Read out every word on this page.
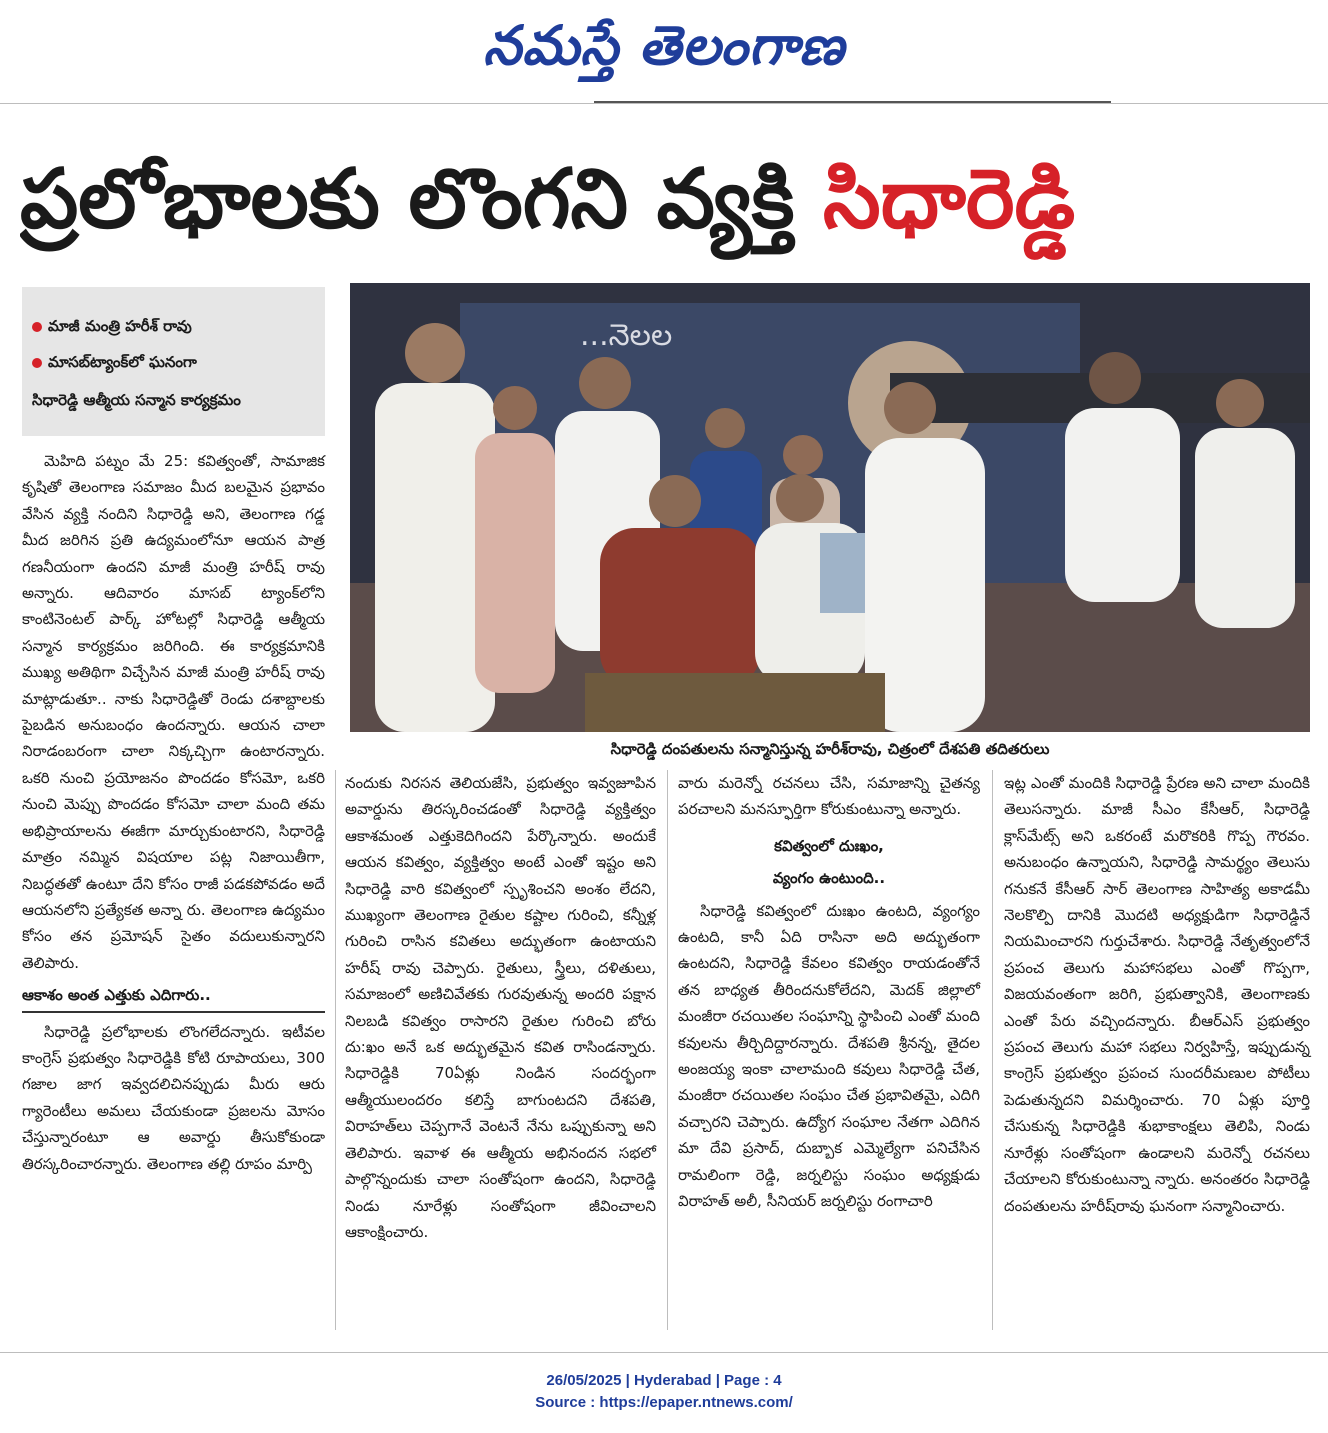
నమస్తే తెలంగాణ
ప్రలోభాలకు లొంగని వ్యక్తి సిధారెడ్డి
మాజీ మంత్రి హరీశ్ రావు
మాసబ్‌ట్యాంక్‌లో ఘనంగా
సిధారెడ్డి ఆత్మీయ సన్మాన కార్యక్రమం
...నెలల
సిధారెడ్డి దంపతులను సన్మానిస్తున్న హరీశ్‌రావు, చిత్రంలో దేశపతి తదితరులు

మెహిది పట్నం మే 25: కవిత్వంతో, సామాజిక కృషితో తెలంగాణ సమాజం మీద బలమైన ప్రభావం వేసిన వ్యక్తి నందిని సిధారెడ్డి అని, తెలంగాణ గడ్డ మీద జరిగిన ప్రతి ఉద్యమంలోనూ ఆయన పాత్ర గణనీయంగా ఉందని మాజీ మంత్రి హరీష్ రావు అన్నారు. ఆదివారం మాసబ్ ట్యాంక్‌లోని కాంటినెంటల్ పార్క్ హోటల్లో సిధారెడ్డి ఆత్మీయ సన్మాన కార్యక్రమం జరిగింది. ఈ కార్యక్రమానికి ముఖ్య అతిథిగా విచ్చేసిన మాజీ మంత్రి హరీష్ రావు మాట్లాడుతూ.. నాకు సిధారెడ్డితో రెండు దశాబ్దాలకు పైబడిన అనుబంధం ఉందన్నారు. ఆయన చాలా నిరాడంబరంగా చాలా నిక్కచ్చిగా ఉంటారన్నారు. ఒకరి నుంచి ప్రయోజనం పొందడం కోసమో, ఒకరి నుంచి మెప్పు పొందడం కోసమో చాలా మంది తమ అభిప్రాయాలను ఈజీగా మార్చుకుంటారని, సిధారెడ్డి మాత్రం నమ్మిన విషయాల పట్ల నిజాయితీగా, నిబద్ధతతో ఉంటూ దేని కోసం రాజీ పడకపోవడం అదే ఆయనలోని ప్రత్యేకత అన్నా రు. తెలంగాణ ఉద్యమం కోసం తన ప్రమోషన్ సైతం వదులుకున్నారని తెలిపారు.

ఆకాశం అంత ఎత్తుకు ఎదిగారు..

సిధారెడ్డి ప్రలోభాలకు లొంగలేదన్నారు. ఇటీవల కాంగ్రెస్ ప్రభుత్వం సిధారెడ్డికి కోటి రూపాయలు, 300 గజాల జాగ ఇవ్వదలిచినప్పుడు మీరు ఆరు గ్యారెంటీలు అమలు చేయకుండా ప్రజలను మోసం చేస్తున్నారంటూ ఆ అవార్డు తీసుకోకుండా తిరస్కరించారన్నారు. తెలంగాణ తల్లి రూపం మార్పి

నందుకు నిరసన తెలియజేసి, ప్రభుత్వం ఇవ్వజూపిన అవార్డును తిరస్కరించడంతో సిధారెడ్డి వ్యక్తిత్వం ఆకాశమంత ఎత్తుకెదిగిందని పేర్కొన్నారు. అందుకే ఆయన కవిత్వం, వ్యక్తిత్వం అంటే ఎంతో ఇష్టం అని సిధారెడ్డి వారి కవిత్వంలో స్పృశించని అంశం లేదని, ముఖ్యంగా తెలంగాణ రైతుల కష్టాల గురించి, కన్నీళ్ల గురించి రాసిన కవితలు అద్భుతంగా ఉంటాయని హరీష్ రావు చెప్పారు. రైతులు, స్త్రీలు, దళితులు, సమాజంలో అణిచివేతకు గురవుతున్న అందరి పక్షాన నిలబడి కవిత్వం రాసారని రైతుల గురించి బోరు దు:ఖం అనే ఒక అద్భుతమైన కవిత రాసిండన్నారు. సిధారెడ్డికి 70ఏళ్లు నిండిన సందర్భంగా ఆత్మీయులందరం కలిస్తే బాగుంటదని దేశపతి, విరాహత్‌లు చెప్పగానే వెంటనే నేను ఒప్పుకున్నా అని తెలిపారు. ఇవాళ ఈ ఆత్మీయ అభినందన సభలో పాల్గొన్నందుకు చాలా సంతోషంగా ఉందని, సిధారెడ్డి నిండు నూరేళ్లు సంతోషంగా జీవించాలని ఆకాంక్షించారు.

వారు మరెన్నో రచనలు చేసి, సమాజాన్ని చైతన్య పరచాలని మనస్ఫూర్తిగా కోరుకుంటున్నా అన్నారు.

కవిత్వంలో దుఃఖం,
వ్యంగం ఉంటుంది..

సిధారెడ్డి కవిత్వంలో దుఃఖం ఉంటది, వ్యంగ్యం ఉంటది, కానీ ఏది రాసినా అది అద్భుతంగా ఉంటదని, సిధారెడ్డి కేవలం కవిత్వం రాయడంతోనే తన బాధ్యత తీరిందనుకోలేదని, మెదక్ జిల్లాలో మంజీరా రచయితల సంఘాన్ని స్థాపించి ఎంతో మంది కవులను తీర్చిదిద్దారన్నారు. దేశపతి శ్రీనన్న, తైదల అంజయ్య ఇంకా చాలామంది కవులు సిధారెడ్డి చేత, మంజీరా రచయితల సంఘం చేత ప్రభావితమై, ఎదిగి వచ్చారని చెప్పారు. ఉద్యోగ సంఘాల నేతగా ఎదిగిన మా దేవి ప్రసాద్, దుబ్బాక ఎమ్మెల్యేగా పనిచేసిన రామలింగా రెడ్డి, జర్నలిస్టు సంఘం అధ్యక్షుడు విరాహత్ అలీ, సీనియర్ జర్నలిస్టు రంగాచారి

ఇట్ల ఎంతో మందికి సిధారెడ్డి ప్రేరణ అని చాలా మందికి తెలుసన్నారు. మాజీ సీఎం కేసీఆర్, సిధారెడ్డి క్లాస్‌మేట్స్ అని ఒకరంటే మరొకరికి గొప్ప గౌరవం. అనుబంధం ఉన్నాయని, సిధారెడ్డి సామర్థ్యం తెలుసు గనుకనే కేసీఆర్ సార్ తెలంగాణ సాహిత్య అకాడమీ నెలకొల్పి దానికి మొదటి అధ్యక్షుడిగా సిధారెడ్డినే నియమించారని గుర్తుచేశారు. సిధారెడ్డి నేతృత్వంలోనే ప్రపంచ తెలుగు మహాసభలు ఎంతో గొప్పగా, విజయవంతంగా జరిగి, ప్రభుత్వానికి, తెలంగాణకు ఎంతో పేరు వచ్చిందన్నారు. బీఆర్ఎస్ ప్రభుత్వం ప్రపంచ తెలుగు మహా సభలు నిర్వహిస్తే, ఇప్పుడున్న కాంగ్రెస్ ప్రభుత్వం ప్రపంచ సుందరీమణుల పోటీలు పెడుతున్నదని విమర్శించారు. 70 ఏళ్లు పూర్తి చేసుకున్న సిధారెడ్డికి శుభాకాంక్షలు తెలిపి, నిండు నూరేళ్లు సంతోషంగా ఉండాలని మరెన్నో రచనలు చేయాలని కోరుకుంటున్నా న్నారు. అనంతరం సిధారెడ్డి దంపతులను హరీష్‌రావు ఘనంగా సన్మానించారు.

26/05/2025 | Hyderabad | Page : 4
Source : https://epaper.ntnews.com/
